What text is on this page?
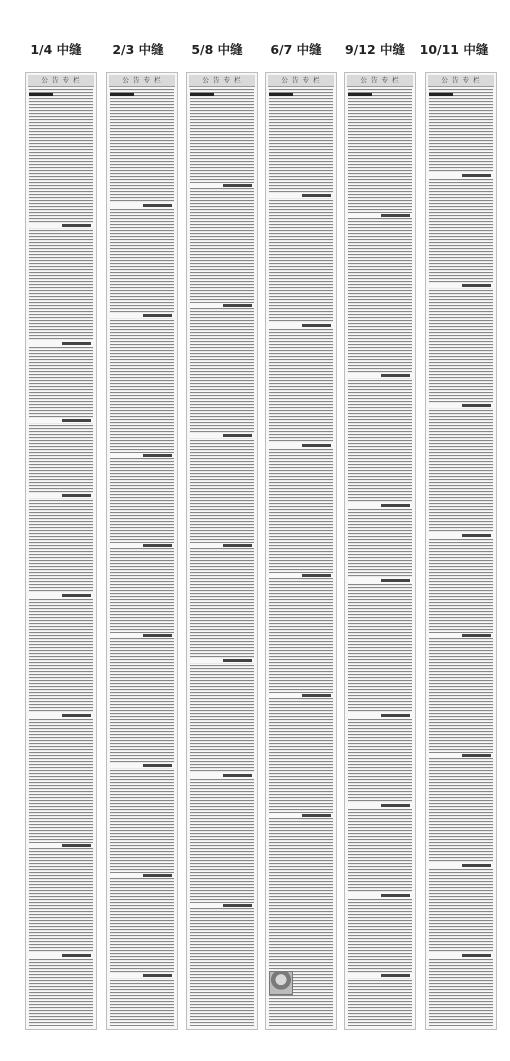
1/4 中缝	2/3 中缝	5/8 中缝	6/7 中缝	9/12 中缝	10/11 中缝
公 告 专 栏	公 告 专 栏	公 告 专 栏	公 告 专 栏	公 告 专 栏	公 告 专 栏
